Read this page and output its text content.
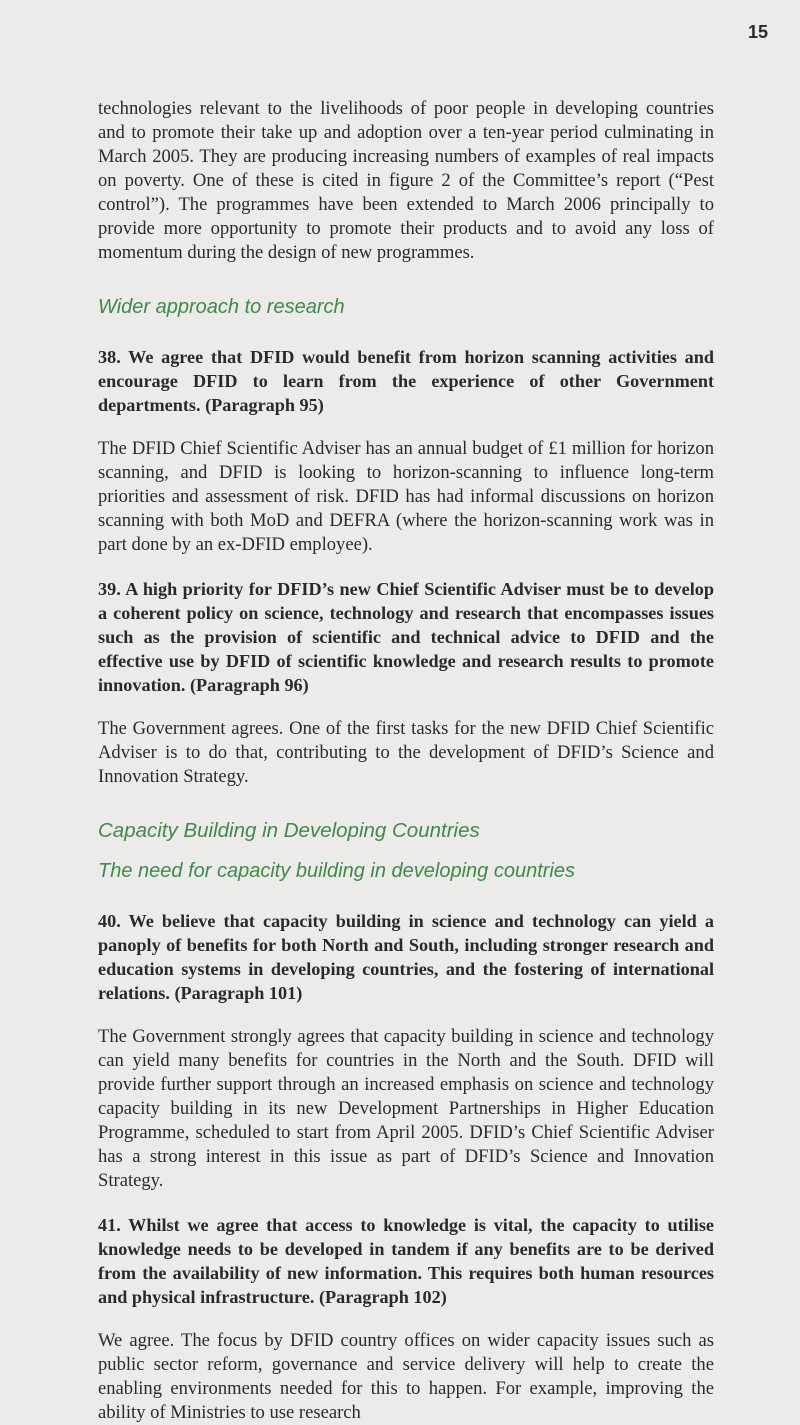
15

technologies relevant to the livelihoods of poor people in developing countries and to promote their take up and adoption over a ten-year period culminating in March 2005. They are producing increasing numbers of examples of real impacts on poverty. One of these is cited in figure 2 of the Committee’s report (“Pest control”). The programmes have been extended to March 2006 principally to provide more opportunity to promote their products and to avoid any loss of momentum during the design of new programmes.

Wider approach to research

38. We agree that DFID would benefit from horizon scanning activities and encourage DFID to learn from the experience of other Government departments. (Paragraph 95)

The DFID Chief Scientific Adviser has an annual budget of £1 million for horizon scanning, and DFID is looking to horizon-scanning to influence long-term priorities and assessment of risk. DFID has had informal discussions on horizon scanning with both MoD and DEFRA (where the horizon-scanning work was in part done by an ex-DFID employee).

39. A high priority for DFID’s new Chief Scientific Adviser must be to develop a coherent policy on science, technology and research that encompasses issues such as the provision of scientific and technical advice to DFID and the effective use by DFID of scientific knowledge and research results to promote innovation. (Paragraph 96)

The Government agrees. One of the first tasks for the new DFID Chief Scientific Adviser is to do that, contributing to the development of DFID’s Science and Innovation Strategy.

Capacity Building in Developing Countries
The need for capacity building in developing countries

40. We believe that capacity building in science and technology can yield a panoply of benefits for both North and South, including stronger research and education systems in developing countries, and the fostering of international relations. (Paragraph 101)

The Government strongly agrees that capacity building in science and technology can yield many benefits for countries in the North and the South. DFID will provide further support through an increased emphasis on science and technology capacity building in its new Development Partnerships in Higher Education Programme, scheduled to start from April 2005. DFID’s Chief Scientific Adviser has a strong interest in this issue as part of DFID’s Science and Innovation Strategy.

41. Whilst we agree that access to knowledge is vital, the capacity to utilise knowledge needs to be developed in tandem if any benefits are to be derived from the availability of new information. This requires both human resources and physical infrastructure. (Paragraph 102)

We agree. The focus by DFID country offices on wider capacity issues such as public sector reform, governance and service delivery will help to create the enabling environments needed for this to happen. For example, improving the ability of Ministries to use research
